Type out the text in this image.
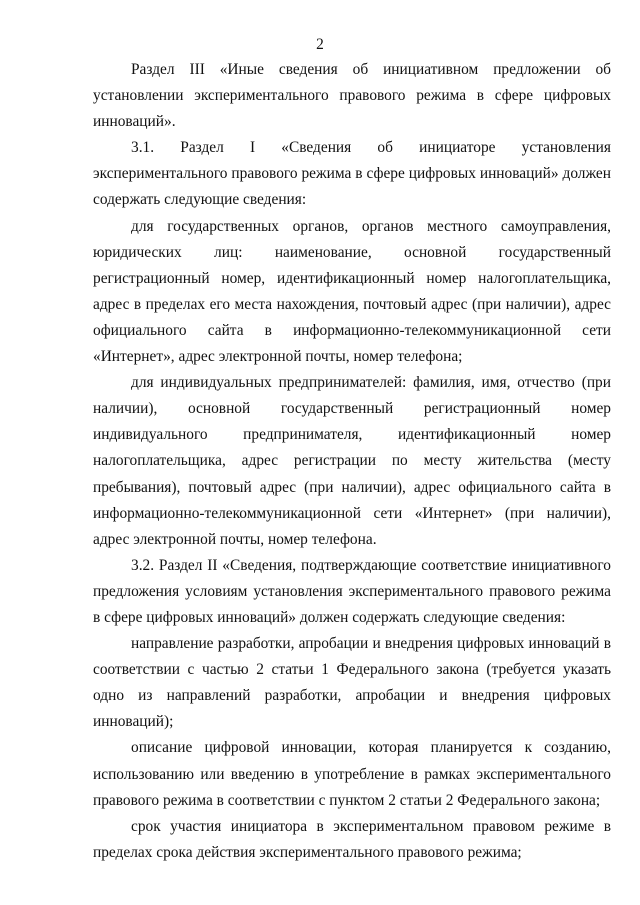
2

Раздел III «Иные сведения об инициативном предложении об установлении экспериментального правового режима в сфере цифровых инноваций».

3.1. Раздел I «Сведения об инициаторе установления экспериментального правового режима в сфере цифровых инноваций» должен содержать следующие сведения:

для государственных органов, органов местного самоуправления, юридических лиц: наименование, основной государственный регистрационный номер, идентификационный номер налогоплательщика, адрес в пределах его места нахождения, почтовый адрес (при наличии), адрес официального сайта в информационно-телекоммуникационной сети «Интернет», адрес электронной почты, номер телефона;

для индивидуальных предпринимателей: фамилия, имя, отчество (при наличии), основной государственный регистрационный номер индивидуального предпринимателя, идентификационный номер налогоплательщика, адрес регистрации по месту жительства (месту пребывания), почтовый адрес (при наличии), адрес официального сайта в информационно-телекоммуникационной сети «Интернет» (при наличии), адрес электронной почты, номер телефона.

3.2. Раздел II «Сведения, подтверждающие соответствие инициативного предложения условиям установления экспериментального правового режима в сфере цифровых инноваций» должен содержать следующие сведения:

направление разработки, апробации и внедрения цифровых инноваций в соответствии с частью 2 статьи 1 Федерального закона (требуется указать одно из направлений разработки, апробации и внедрения цифровых инноваций);

описание цифровой инновации, которая планируется к созданию, использованию или введению в употребление в рамках экспериментального правового режима в соответствии с пунктом 2 статьи 2 Федерального закона;

срок участия инициатора в экспериментальном правовом режиме в пределах срока действия экспериментального правового режима;
